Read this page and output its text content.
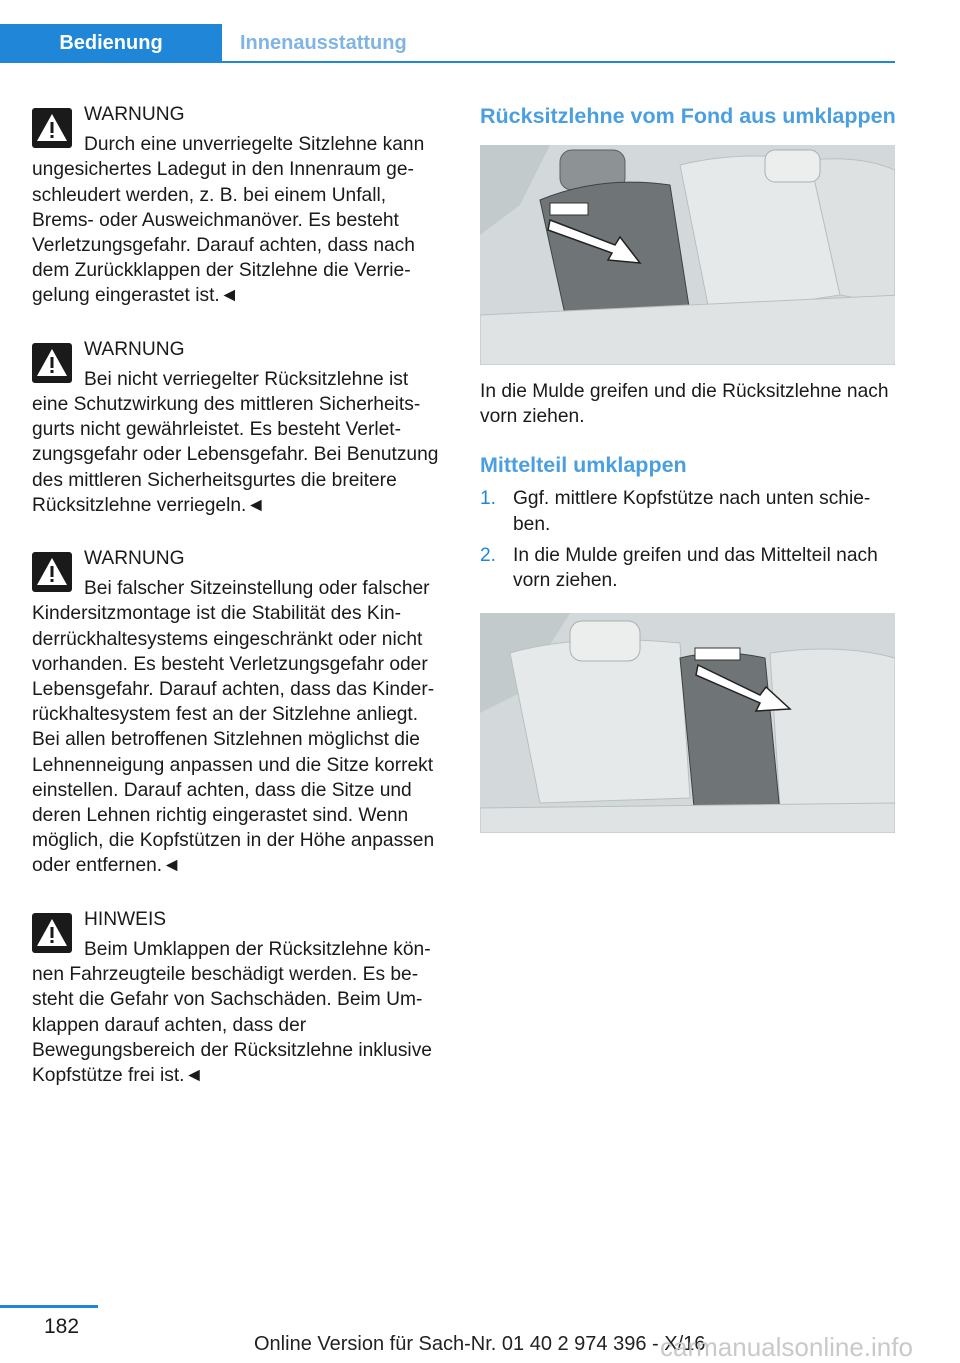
Bedienung	Innenausstattung
WARNUNG
Durch eine unverriegelte Sitzlehne kann ungesichertes Ladegut in den Innenraum geschleudert werden, z. B. bei einem Unfall, Brems- oder Ausweichmanöver. Es besteht Verletzungsgefahr. Darauf achten, dass nach dem Zurückklappen der Sitzlehne die Verriegelung eingerastet ist.◄
WARNUNG
Bei nicht verriegelter Rücksitzlehne ist eine Schutzwirkung des mittleren Sicherheitsgurts nicht gewährleistet. Es besteht Verletzungsgefahr oder Lebensgefahr. Bei Benutzung des mittleren Sicherheitsgurtes die breitere Rücksitzlehne verriegeln.◄
WARNUNG
Bei falscher Sitzeinstellung oder falscher Kindersitzmontage ist die Stabilität des Kinderrückhaltesystems eingeschränkt oder nicht vorhanden. Es besteht Verletzungsgefahr oder Lebensgefahr. Darauf achten, dass das Kinderrückhaltesystem fest an der Sitzlehne anliegt. Bei allen betroffenen Sitzlehnen möglichst die Lehnenneigung anpassen und die Sitze korrekt einstellen. Darauf achten, dass die Sitze und deren Lehnen richtig eingerastet sind. Wenn möglich, die Kopfstützen in der Höhe anpassen oder entfernen.◄
HINWEIS
Beim Umklappen der Rücksitzlehne können Fahrzeugteile beschädigt werden. Es besteht die Gefahr von Sachschäden. Beim Umklappen darauf achten, dass der Bewegungsbereich der Rücksitzlehne inklusive Kopfstütze frei ist.◄
Rücksitzlehne vom Fond aus umklappen
In die Mulde greifen und die Rücksitzlehne nach vorn ziehen.
Mittelteil umklappen
1. Ggf. mittlere Kopfstütze nach unten schieben.
2. In die Mulde greifen und das Mittelteil nach vorn ziehen.
182
Online Version für Sach-Nr. 01 40 2 974 396 - X/16
carmanualsonline.info
